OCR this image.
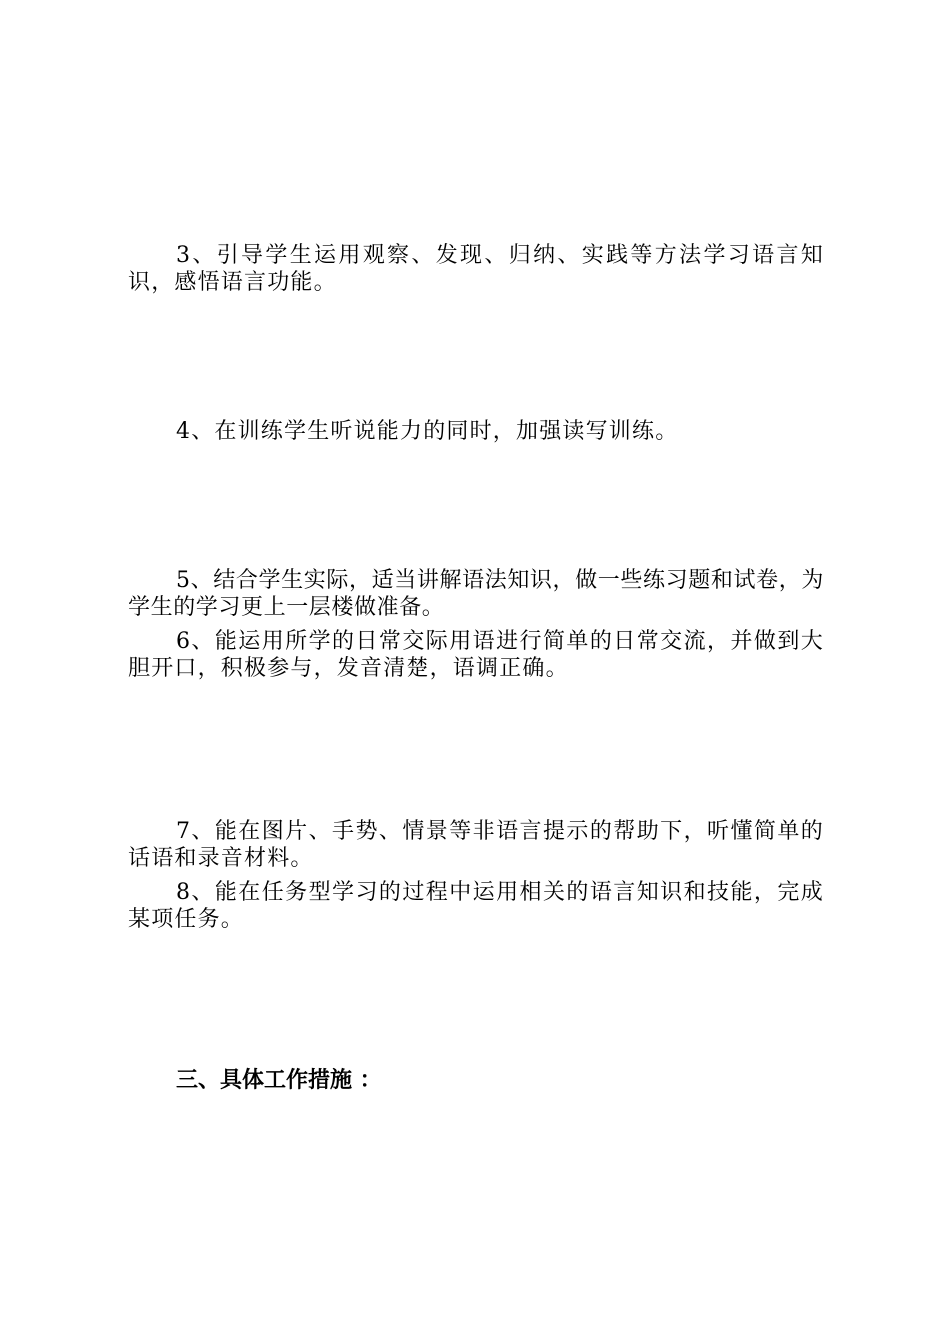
3、引导学生运用观察、发现、归纳、实践等方法学习语言知识，感悟语言功能。

4、在训练学生听说能力的同时，加强读写训练。

5、结合学生实际，适当讲解语法知识，做一些练习题和试卷，为学生的学习更上一层楼做准备。

6、能运用所学的日常交际用语进行简单的日常交流，并做到大胆开口，积极参与，发音清楚，语调正确。

7、能在图片、手势、情景等非语言提示的帮助下，听懂简单的话语和录音材料。

8、能在任务型学习的过程中运用相关的语言知识和技能，完成某项任务。

三、具体工作措施 ：
